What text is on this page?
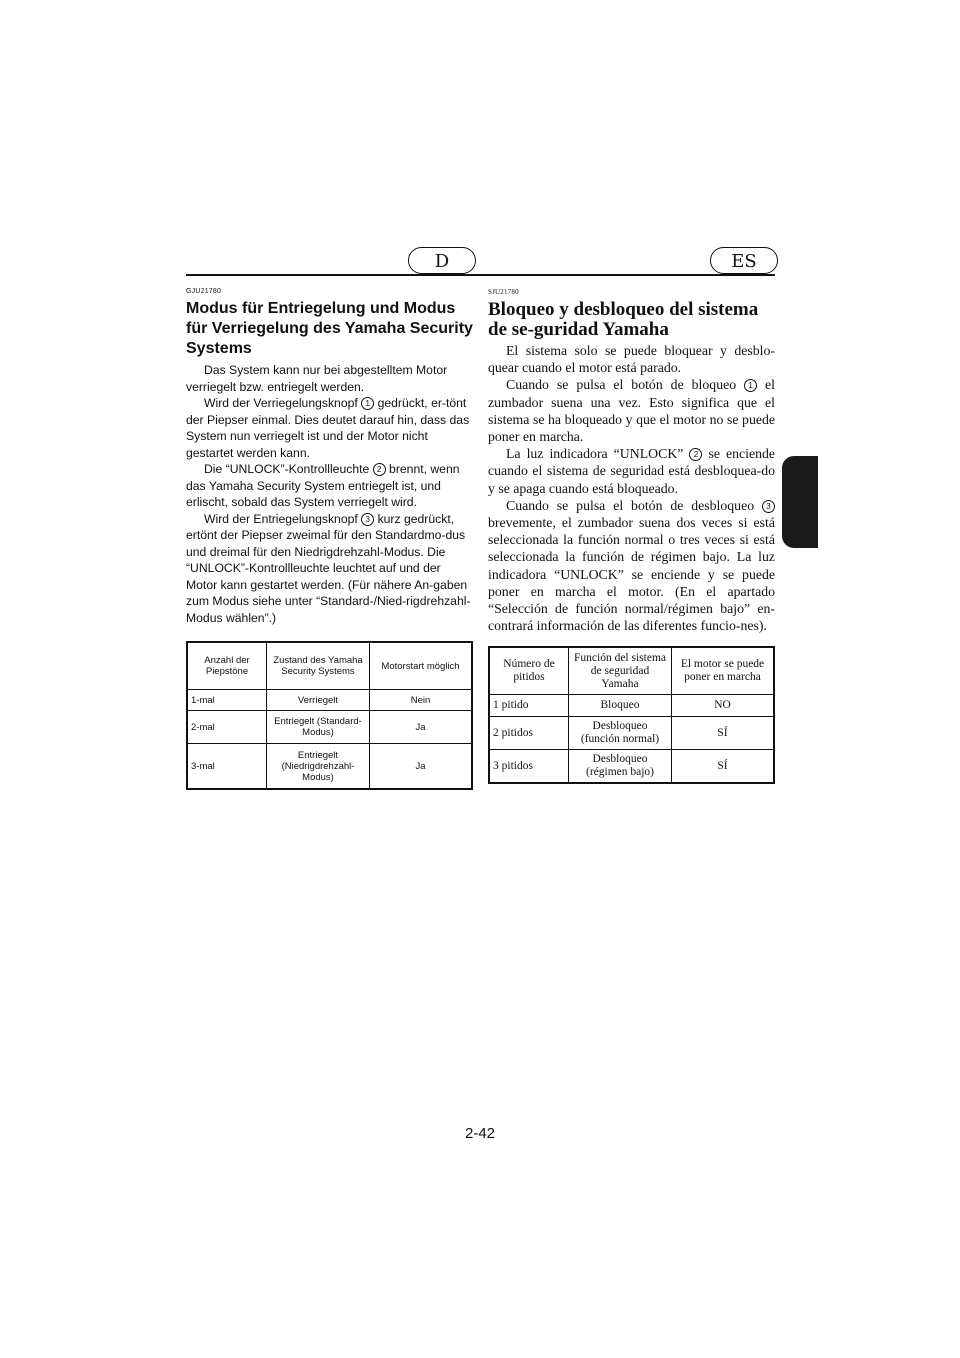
D	ES
GJU21780
Modus für Entriegelung und Modus für Verriegelung des Yamaha Security Systems

Das System kann nur bei abgestelltem Motor verriegelt bzw. entriegelt werden.

Wird der Verriegelungsknopf 1 gedrückt, er-tönt der Piepser einmal. Dies deutet darauf hin, dass das System nun verriegelt ist und der Motor nicht gestartet werden kann.

Die “UNLOCK”-Kontrollleuchte 2 brennt, wenn das Yamaha Security System entriegelt ist, und erlischt, sobald das System verriegelt wird.

Wird der Entriegelungsknopf 3 kurz gedrückt, ertönt der Piepser zweimal für den Standardmo-dus und dreimal für den Niedrigdrehzahl-Modus. Die “UNLOCK”-Kontrollleuchte leuchtet auf und der Motor kann gestartet werden. (Für nähere An-gaben zum Modus siehe unter “Standard-/Nied-rigdrehzahl-Modus wählen”.)

Anzahl der Piepstöne	Zustand des Yamaha Security Systems	Motorstart möglich
1-mal	Verriegelt	Nein
2-mal	Entriegelt (Standard-Modus)	Ja
3-mal	Entriegelt (Niedrigdrehzahl-Modus)	Ja
SJU21780
Bloqueo y desbloqueo del sistema de se-guridad Yamaha

El sistema solo se puede bloquear y desblo-quear cuando el motor está parado.

Cuando se pulsa el botón de bloqueo 1 el zumbador suena una vez. Esto significa que el sistema se ha bloqueado y que el motor no se puede poner en marcha.

La luz indicadora “UNLOCK” 2 se enciende cuando el sistema de seguridad está desbloquea-do y se apaga cuando está bloqueado.

Cuando se pulsa el botón de desbloqueo 3 brevemente, el zumbador suena dos veces si está seleccionada la función normal o tres veces si está seleccionada la función de régimen bajo. La luz indicadora “UNLOCK” se enciende y se puede poner en marcha el motor. (En el apartado “Selección de función normal/régimen bajo” en-contrará información de las diferentes funcio-nes).

Número de pitidos	Función del sistema de seguridad Yamaha	El motor se puede poner en marcha
1 pitido	Bloqueo	NO
2 pitidos	Desbloqueo (función normal)	SÍ
3 pitidos	Desbloqueo (régimen bajo)	SÍ
2-42
